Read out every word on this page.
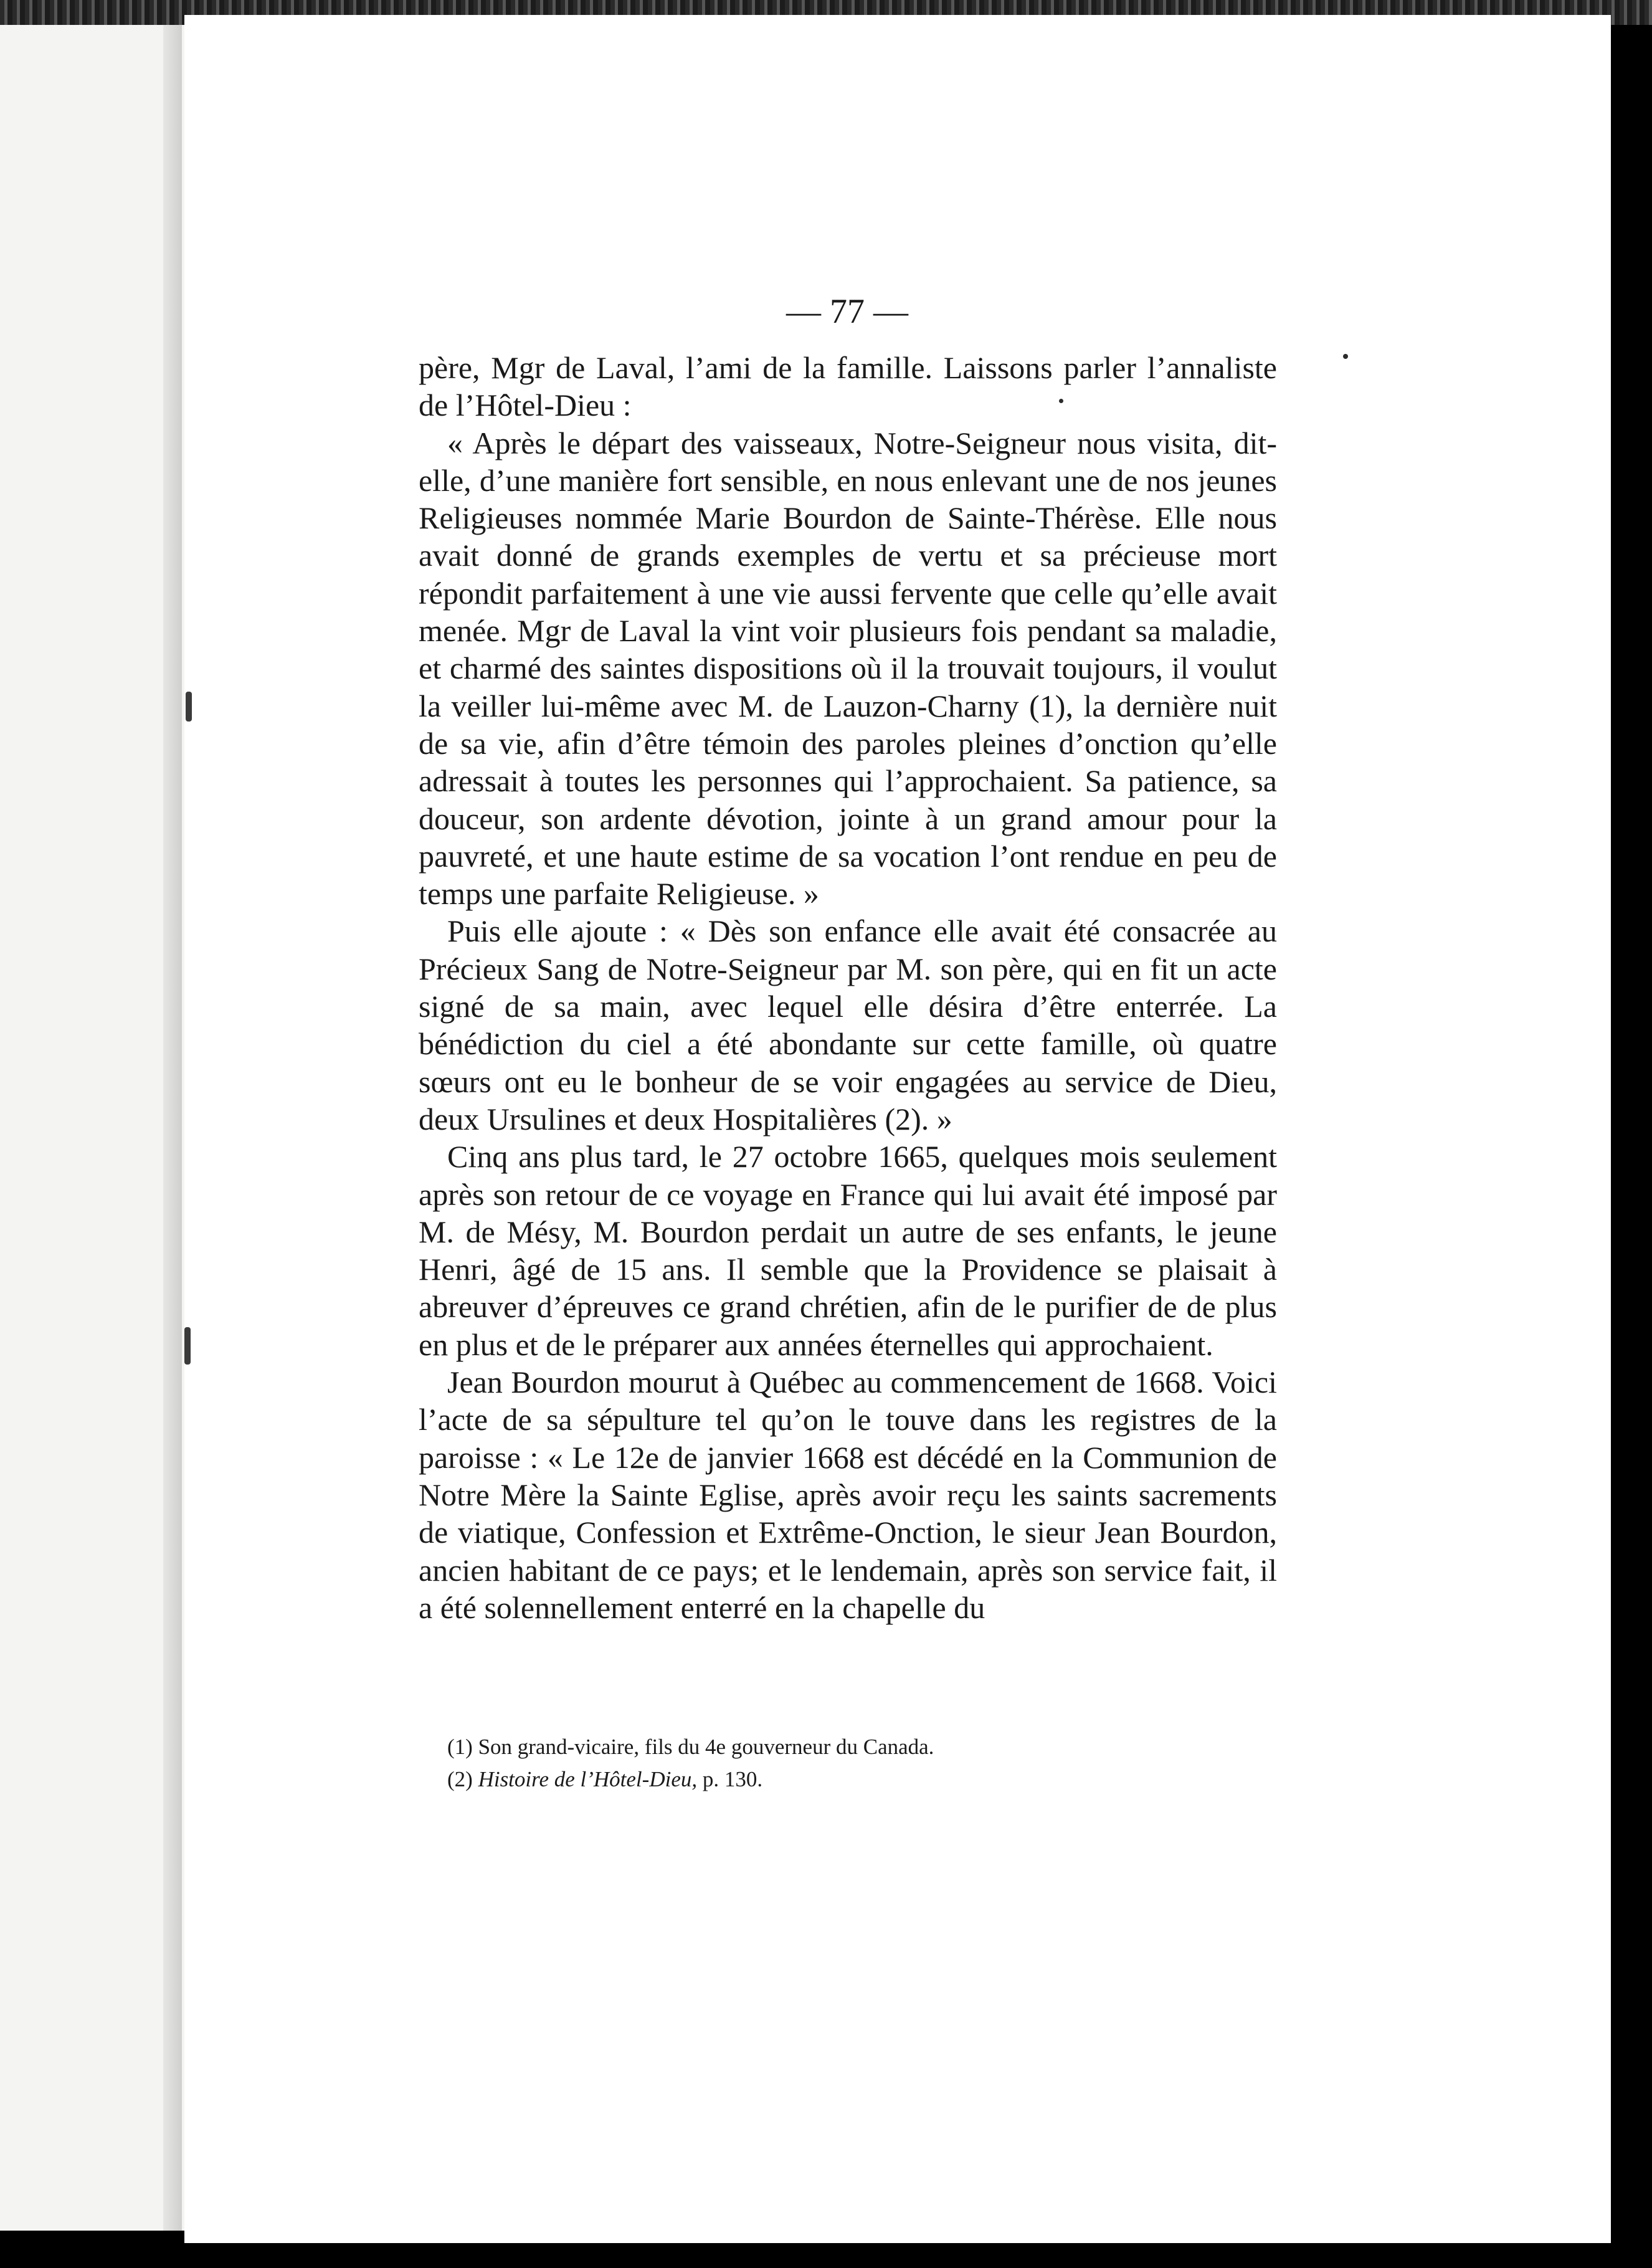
— 77 —

père, Mgr de Laval, l’ami de la famille. Laissons parler l’annaliste de l’Hôtel-Dieu :

« Après le départ des vaisseaux, Notre-Seigneur nous visita, dit-elle, d’une manière fort sensible, en nous enlevant une de nos jeunes Religieuses nommée Marie Bourdon de Sainte-Thérèse. Elle nous avait donné de grands exemples de vertu et sa précieuse mort répondit parfaitement à une vie aussi fervente que celle qu’elle avait menée. Mgr de Laval la vint voir plusieurs fois pendant sa maladie, et charmé des saintes dispositions où il la trouvait toujours, il voulut la veiller lui-même avec M. de Lauzon-Charny (1), la dernière nuit de sa vie, afin d’être témoin des paroles pleines d’onction qu’elle adressait à toutes les personnes qui l’approchaient. Sa patience, sa douceur, son ardente dévotion, jointe à un grand amour pour la pauvreté, et une haute estime de sa vocation l’ont rendue en peu de temps une parfaite Religieuse. »

Puis elle ajoute : « Dès son enfance elle avait été consacrée au Précieux Sang de Notre-Seigneur par M. son père, qui en fit un acte signé de sa main, avec lequel elle désira d’être enterrée. La bénédiction du ciel a été abondante sur cette famille, où quatre sœurs ont eu le bonheur de se voir engagées au service de Dieu, deux Ursulines et deux Hospitalières (2). »

Cinq ans plus tard, le 27 octobre 1665, quelques mois seulement après son retour de ce voyage en France qui lui avait été imposé par M. de Mésy, M. Bourdon perdait un autre de ses enfants, le jeune Henri, âgé de 15 ans. Il semble que la Providence se plaisait à abreuver d’épreuves ce grand chrétien, afin de le purifier de de plus en plus et de le préparer aux années éternelles qui approchaient.

Jean Bourdon mourut à Québec au commencement de 1668. Voici l’acte de sa sépulture tel qu’on le touve dans les registres de la paroisse : « Le 12e de janvier 1668 est décédé en la Communion de Notre Mère la Sainte Eglise, après avoir reçu les saints sacrements de viatique, Confession et Extrême-Onction, le sieur Jean Bourdon, ancien habitant de ce pays; et le lendemain, après son service fait, il a été solennellement enterré en la chapelle du

(1) Son grand-vicaire, fils du 4e gouverneur du Canada.

(2) Histoire de l’Hôtel-Dieu, p. 130.
